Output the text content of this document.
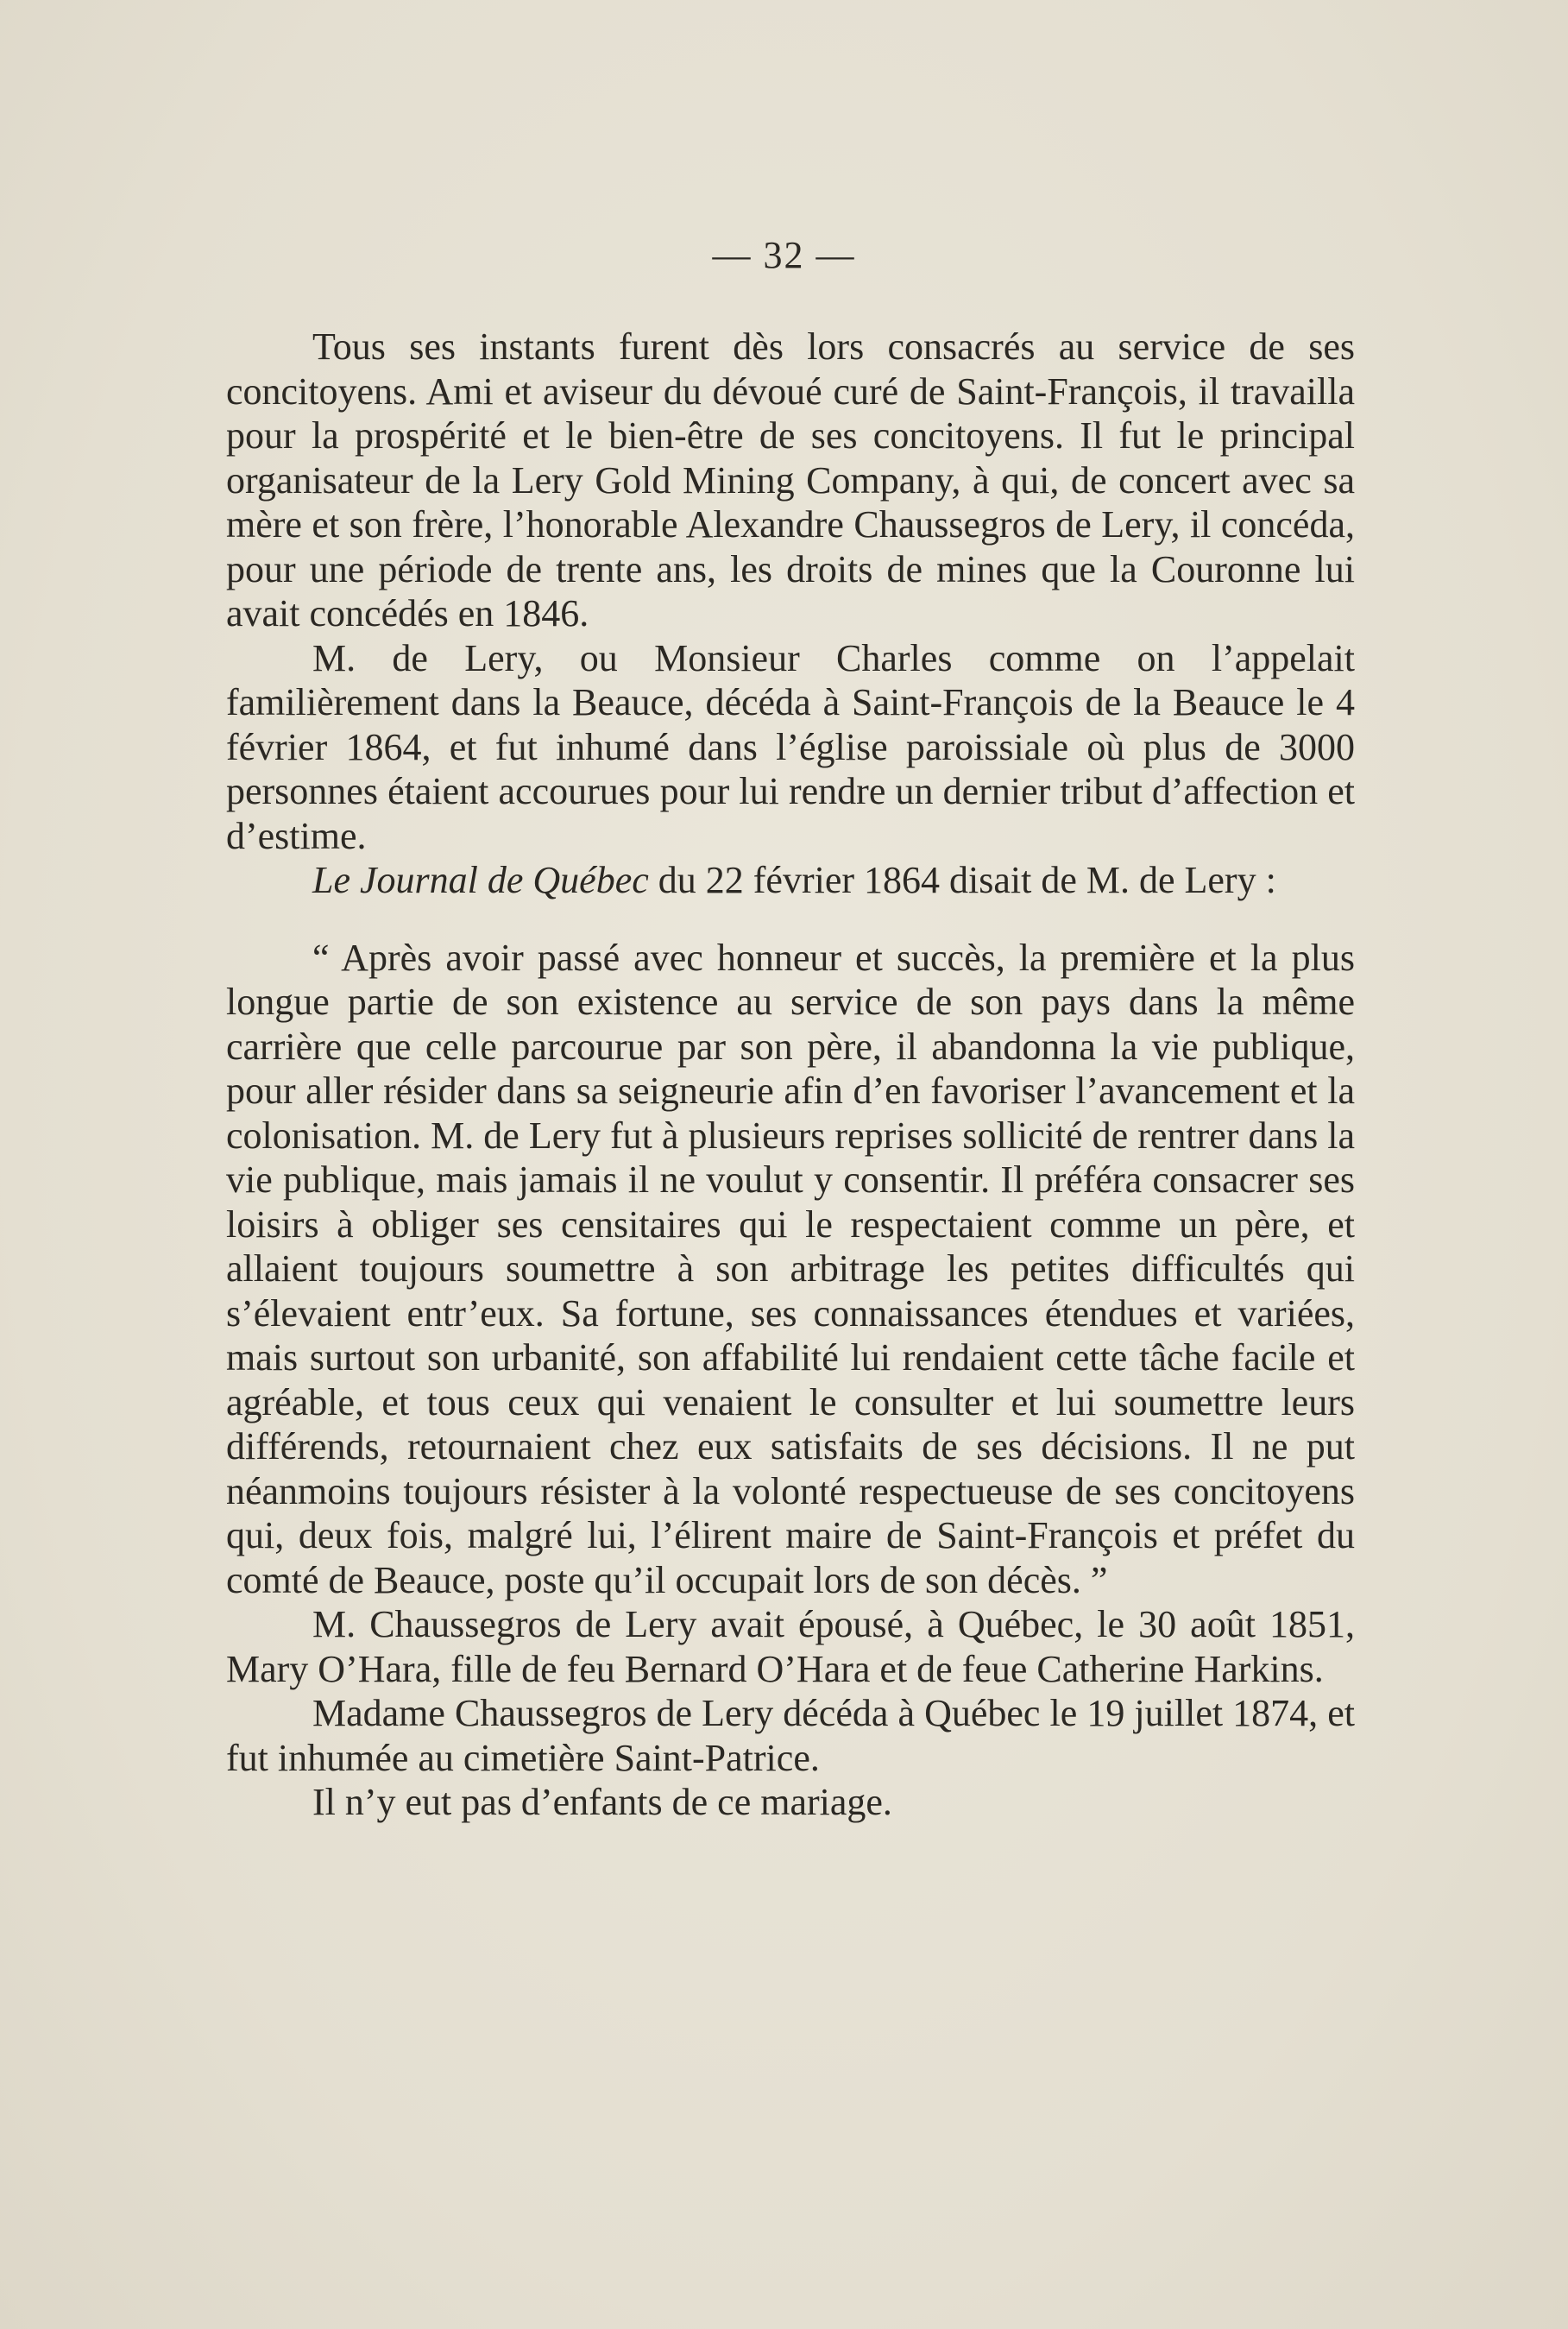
— 32 —

Tous ses instants furent dès lors consacrés au service de ses concitoyens. Ami et aviseur du dévoué curé de Saint-François, il travailla pour la prospérité et le bien-être de ses concitoyens. Il fut le principal organisateur de la Lery Gold Mining Company, à qui, de concert avec sa mère et son frère, l’honorable Alexandre Chaussegros de Lery, il concéda, pour une période de trente ans, les droits de mines que la Couronne lui avait concédés en 1846.

M. de Lery, ou Monsieur Charles comme on l’appelait familièrement dans la Beauce, décéda à Saint-François de la Beauce le 4 février 1864, et fut inhumé dans l’église paroissiale où plus de 3000 personnes étaient accourues pour lui rendre un dernier tribut d’affection et d’estime.

Le Journal de Québec du 22 février 1864 disait de M. de Lery :

“ Après avoir passé avec honneur et succès, la première et la plus longue partie de son existence au service de son pays dans la même carrière que celle parcourue par son père, il abandonna la vie publique, pour aller résider dans sa seigneurie afin d’en favoriser l’avancement et la colonisation. M. de Lery fut à plusieurs reprises sollicité de rentrer dans la vie publique, mais jamais il ne voulut y consentir. Il préféra consacrer ses loisirs à obliger ses censitaires qui le respectaient comme un père, et allaient toujours soumettre à son arbitrage les petites difficultés qui s’élevaient entr’eux. Sa fortune, ses connaissances étendues et variées, mais surtout son urbanité, son affabilité lui rendaient cette tâche facile et agréable, et tous ceux qui venaient le consulter et lui soumettre leurs différends, retournaient chez eux satisfaits de ses décisions. Il ne put néanmoins toujours résister à la volonté respectueuse de ses concitoyens qui, deux fois, malgré lui, l’élirent maire de Saint-François et préfet du comté de Beauce, poste qu’il occupait lors de son décès. ”

M. Chaussegros de Lery avait épousé, à Québec, le 30 août 1851, Mary O’Hara, fille de feu Bernard O’Hara et de feue Catherine Harkins.

Madame Chaussegros de Lery décéda à Québec le 19 juillet 1874, et fut inhumée au cimetière Saint-Patrice.

Il n’y eut pas d’enfants de ce mariage.
